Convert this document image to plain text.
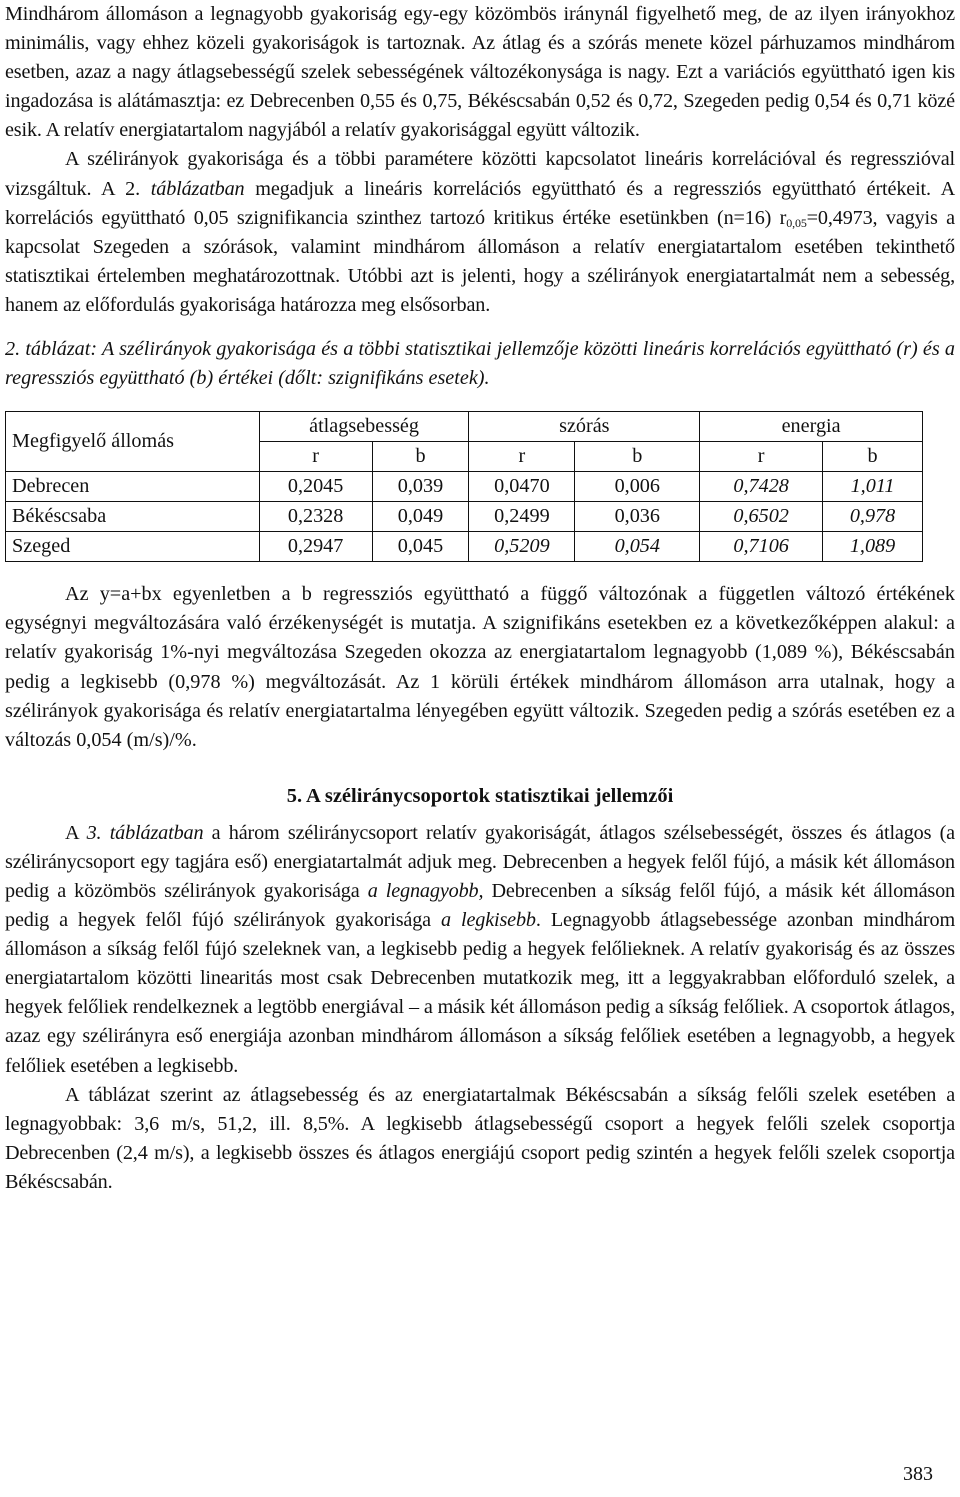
Mindhárom állomáson a legnagyobb gyakoriság egy-egy közömbös iránynál figyelhető meg, de az ilyen irányokhoz minimális, vagy ehhez közeli gyakoriságok is tartoznak. Az átlag és a szórás menete közel párhuzamos mindhárom esetben, azaz a nagy átlagsebességű szelek sebességének változékonysága is nagy. Ezt a variációs együttható igen kis ingadozása is alátámasztja: ez Debrecenben 0,55 és 0,75, Békéscsabán 0,52 és 0,72, Szegeden pedig 0,54 és 0,71 közé esik. A relatív energiatartalom nagyjából a relatív gyakorisággal együtt változik.

A szélirányok gyakorisága és a többi paramétere közötti kapcsolatot lineáris korrelációval és regresszióval vizsgáltuk. A 2. táblázatban megadjuk a lineáris korrelációs együttható és a regressziós együttható értékeit. A korrelációs együttható 0,05 szignifikancia szinthez tartozó kritikus értéke esetünkben (n=16) $r_{0,05}=0,4973$, vagyis a kapcsolat Szegeden a szórások, valamint mindhárom állomáson a relatív energiatartalom esetében tekinthető statisztikai értelemben meghatározottnak. Utóbbi azt is jelenti, hogy a szélirányok energiatartalmát nem a sebesség, hanem az előfordulás gyakorisága határozza meg elsősorban.

2. táblázat: A szélirányok gyakorisága és a többi statisztikai jellemzője közötti lineáris korrelációs együttható (r) és a regressziós együttható (b) értékei (dőlt: szignifikáns esetek).

Megfigyelő állomás	átlagsebesség		szórás		energia	
	r	b	r	b	r	b
Debrecen	0,2045	0,039	0,0470	0,006	0,7428	1,011
Békéscsaba	0,2328	0,049	0,2499	0,036	0,6502	0,978
Szeged	0,2947	0,045	0,5209	0,054	0,7106	1,089

Az y=a+bx egyenletben a b regressziós együttható a függő változónak a független változó értékének egységnyi megváltozására való érzékenységét is mutatja. A szignifikáns esetekben ez a következőképpen alakul: a relatív gyakoriság 1%-nyi megváltozása Szegeden okozza az energiatartalom legnagyobb (1,089 %), Békéscsabán pedig a legkisebb (0,978 %) megváltozását. Az 1 körüli értékek mindhárom állomáson arra utalnak, hogy a szélirányok gyakorisága és relatív energiatartalma lényegében együtt változik. Szegeden pedig a szórás esetében ez a változás 0,054 (m/s)/%.

5. A széliránycsoportok statisztikai jellemzői

A 3. táblázatban a három széliránycsoport relatív gyakoriságát, átlagos szélsebességét, összes és átlagos (a széliránycsoport egy tagjára eső) energiatartalmát adjuk meg. Debrecenben a hegyek felől fújó, a másik két állomáson pedig a közömbös szélirányok gyakorisága a legnagyobb, Debrecenben a síkság felől fújó, a másik két állomáson pedig a hegyek felől fújó szélirányok gyakorisága a legkisebb. Legnagyobb átlagsebessége azonban mindhárom állomáson a síkság felől fújó szeleknek van, a legkisebb pedig a hegyek felőlieknek. A relatív gyakoriság és az összes energiatartalom közötti linearitás most csak Debrecenben mutatkozik meg, itt a leggyakrabban előforduló szelek, a hegyek felőliek rendelkeznek a legtöbb energiával – a másik két állomáson pedig a síkság felőliek. A csoportok átlagos, azaz egy szélirányra eső energiája azonban mindhárom állomáson a síkság felőliek esetében a legnagyobb, a hegyek felőliek esetében a legkisebb.

A táblázat szerint az átlagsebesség és az energiatartalmak Békéscsabán a síkság felőli szelek esetében a legnagyobbak: 3,6 m/s, 51,2, ill. 8,5%. A legkisebb átlagsebességű csoport a hegyek felőli szelek csoportja Debrecenben (2,4 m/s), a legkisebb összes és átlagos energiájú csoport pedig szintén a hegyek felőli szelek csoportja Békéscsabán.

383
